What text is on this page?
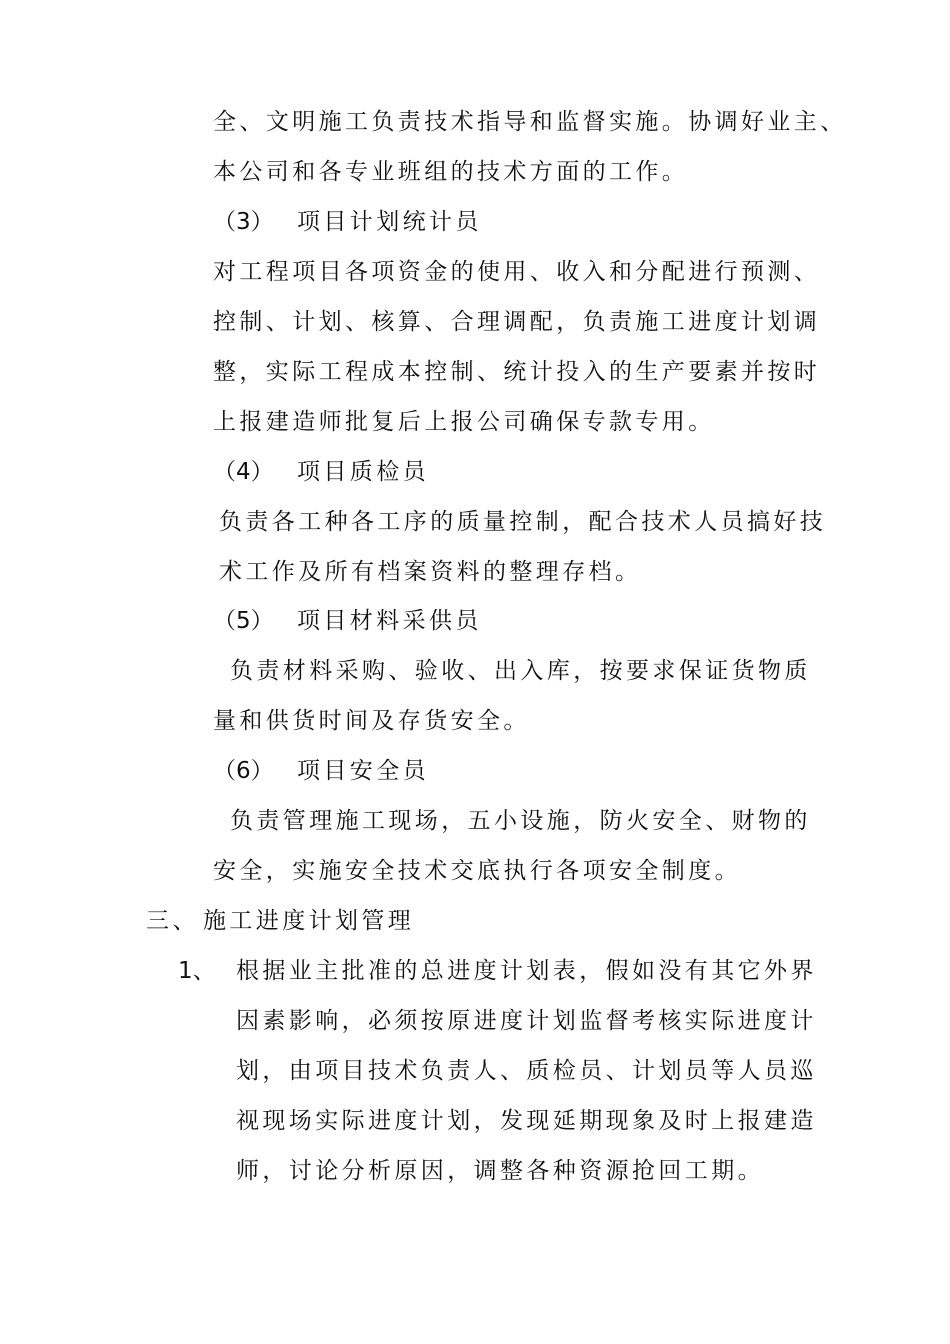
全、文明施工负责技术指导和监督实施。协调好业主、
本公司和各专业班组的技术方面的工作。
（3） 项目计划统计员
对工程项目各项资金的使用、收入和分配进行预测、
控制、计划、核算、合理调配，负责施工进度计划调
整，实际工程成本控制、统计投入的生产要素并按时
上报建造师批复后上报公司确保专款专用。
（4） 项目质检员
负责各工种各工序的质量控制，配合技术人员搞好技
术工作及所有档案资料的整理存档。
（5） 项目材料采供员
负责材料采购、验收、出入库，按要求保证货物质
量和供货时间及存货安全。
（6） 项目安全员
负责管理施工现场，五小设施，防火安全、财物的
安全，实施安全技术交底执行各项安全制度。
三、 施工进度计划管理
1、 根据业主批准的总进度计划表，假如没有其它外界
因素影响，必须按原进度计划监督考核实际进度计
划，由项目技术负责人、质检员、计划员等人员巡
视现场实际进度计划，发现延期现象及时上报建造
师，讨论分析原因，调整各种资源抢回工期。
